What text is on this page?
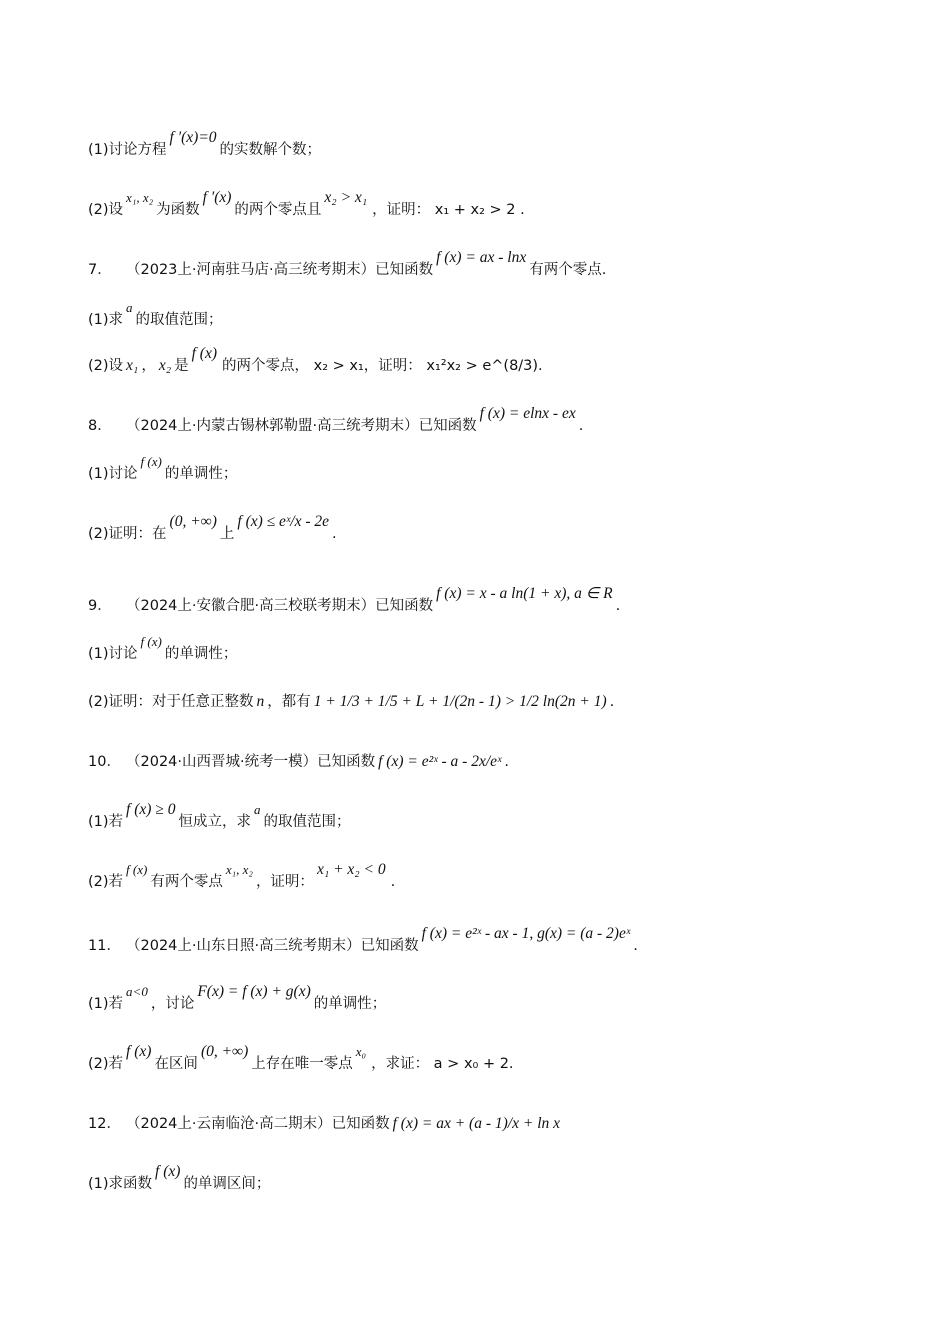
(1)讨论方程f ′(x)=0的实数解个数；
(2)设x₁, x₂为函数f ′(x)的两个零点且x₂ > x₁，证明： x₁ + x₂ > 2 .
7． （2023上·河南驻马店·高三统考期末）已知函数f (x) = ax - lnx有两个零点.
(1)求a的取值范围；
(2)设 x₁ ， x₂ 是f (x)的两个零点， x₂ > x₁，证明： x₁²x₂ > e^(8/3).
8． （2024上·内蒙古锡林郭勒盟·高三统考期末）已知函数f (x) = elnx - ex.
(1)讨论f (x)的单调性；
(2)证明：在(0, +∞)上f (x) ≤ eˣ/x - 2e.
9． （2024上·安徽合肥·高三校联考期末）已知函数f (x) = x - a ln(1 + x), a ∈ R.
(1)讨论f (x)的单调性；
(2)证明：对于任意正整数 n ，都有 1 + 1/3 + 1/5 + L + 1/(2n - 1) > 1/2 ln(2n + 1) .
10． （2024·山西晋城·统考一模）已知函数 f (x) = e²ˣ - a - 2x/eˣ .
(1)若f (x) ≥ 0恒成立，求a的取值范围；
(2)若f (x)有两个零点x₁, x₂，证明：x₁ + x₂ < 0.
11． （2024上·山东日照·高三统考期末）已知函数f (x) = e²ˣ - ax - 1, g(x) = (a - 2)eˣ.
(1)若a<0，讨论F(x) = f (x) + g(x)的单调性；
(2)若f (x)在区间(0, +∞)上存在唯一零点x₀，求证： a > x₀ + 2.
12． （2024上·云南临沧·高二期末）已知函数 f (x) = ax + (a - 1)/x + ln x
(1)求函数f (x)的单调区间；
